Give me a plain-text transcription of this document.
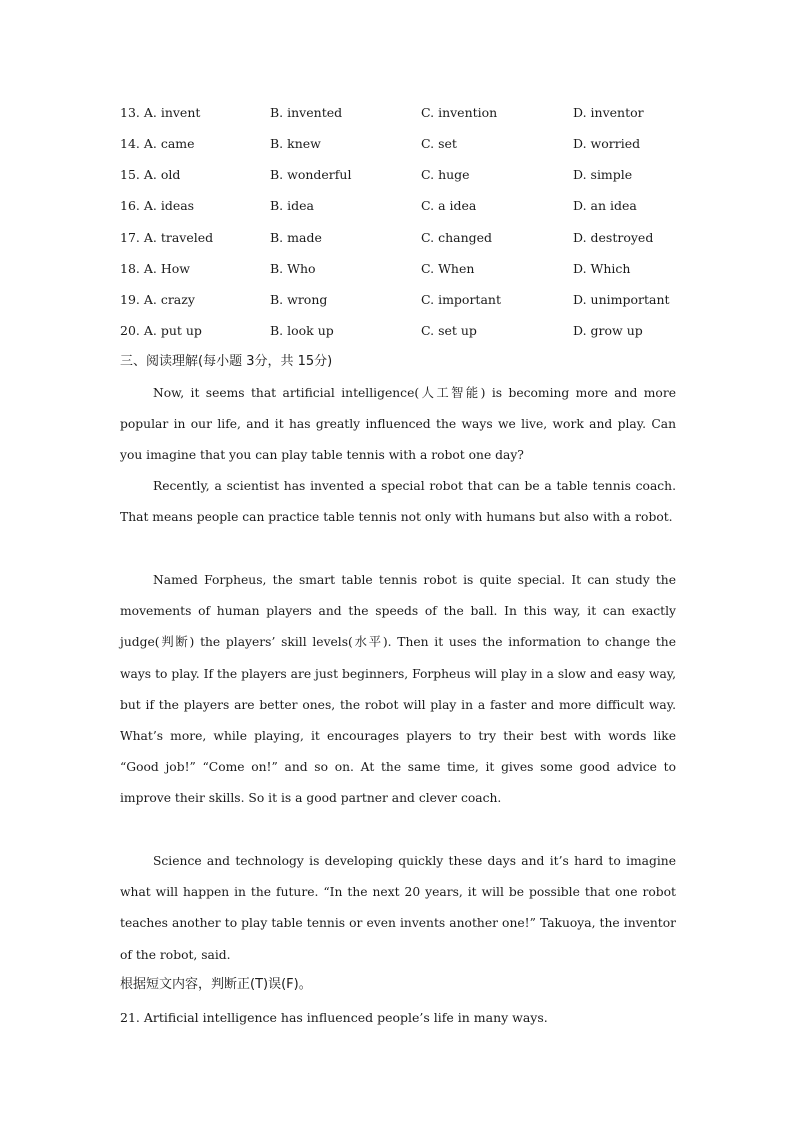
13. A. invent	B. invented	C. invention	D. inventor
14. A. came	B. knew	C. set	D. worried
15. A. old	B. wonderful	C. huge	D. simple
16. A. ideas	B. idea	C. a idea	D. an idea
17. A. traveled	B. made	C. changed	D. destroyed
18. A. How	B. Who	C. When	D. Which
19. A. crazy	B. wrong	C. important	D. unimportant
20. A. put up	B. look up	C. set up	D. grow up
三、阅读理解(每小题 3分，共 15分)

Now, it seems that artificial intelligence(人工智能) is becoming more and more popular in our life, and it has greatly influenced the ways we live, work and play. Can you imagine that you can play table tennis with a robot one day?

Recently, a scientist has invented a special robot that can be a table tennis coach. That means people can practice table tennis not only with humans but also with a robot.

Named Forpheus, the smart table tennis robot is quite special. It can study the movements of human players and the speeds of the ball. In this way, it can exactly judge(判断) the players’ skill levels(水平). Then it uses the information to change the ways to play. If the players are just beginners, Forpheus will play in a slow and easy way, but if the players are better ones, the robot will play in a faster and more difficult way. What’s more, while playing, it encourages players to try their best with words like “Good job!” “Come on!” and so on. At the same time, it gives some good advice to improve their skills. So it is a good partner and clever coach.

Science and technology is developing quickly these days and it’s hard to imagine what will happen in the future. “In the next 20 years, it will be possible that one robot teaches another to play table tennis or even invents another one!” Takuoya, the inventor of the robot, said.

根据短文内容，判断正(T)误(F)。
21. Artificial intelligence has influenced people’s life in many ways.
